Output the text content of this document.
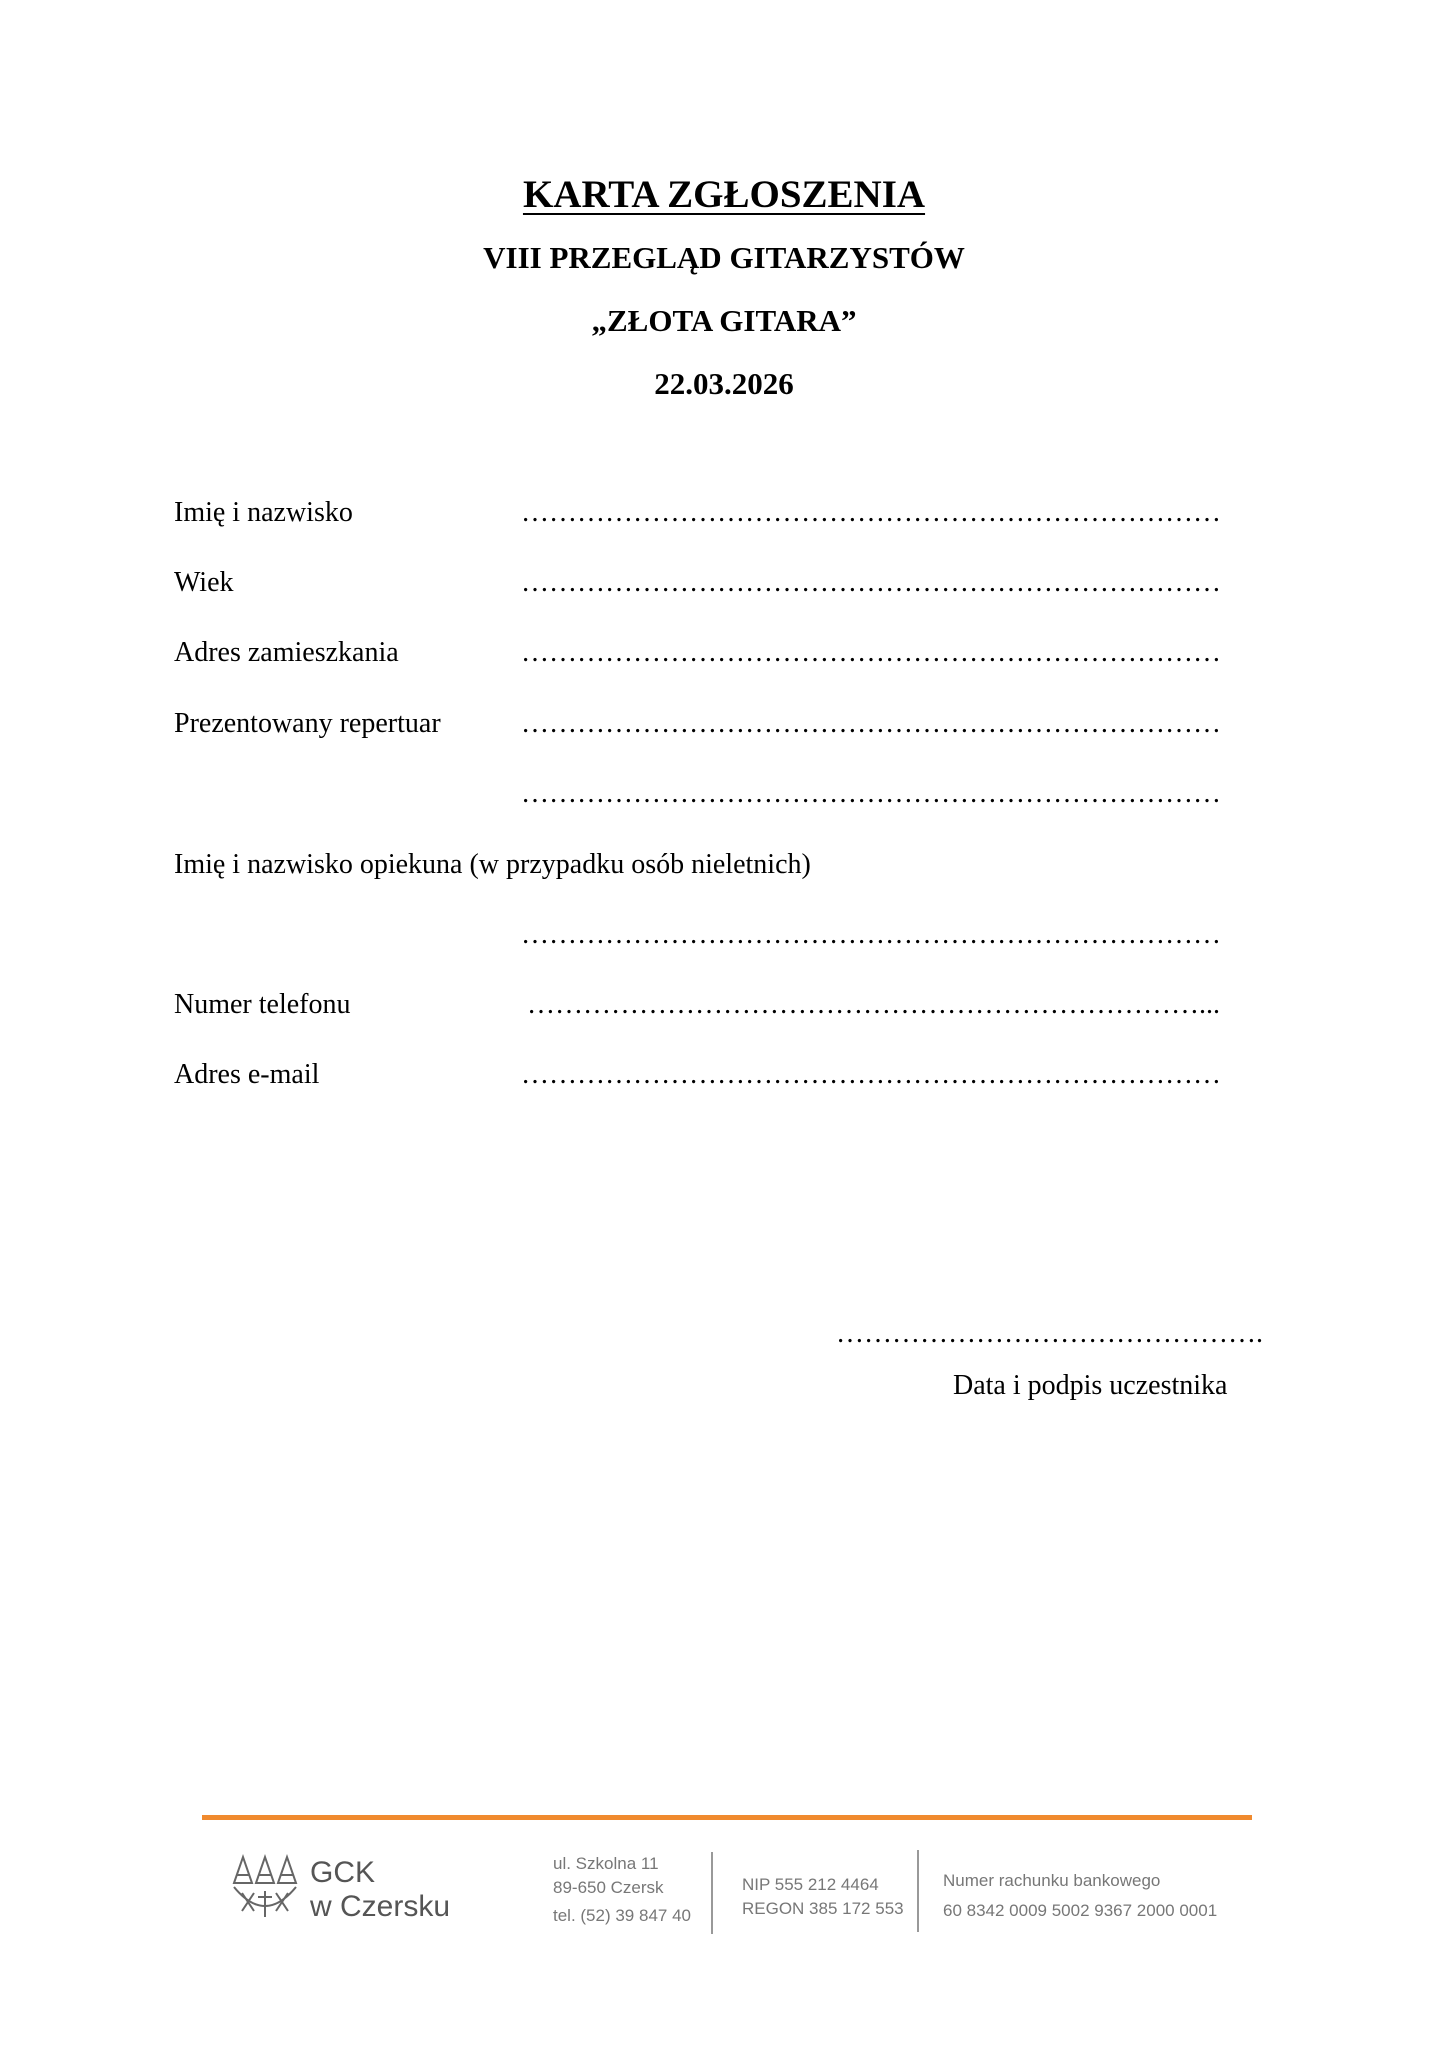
KARTA ZGŁOSZENIA
VIII PRZEGLĄD GITARZYSTÓW
„ZŁOTA GITARA”
22.03.2026
Imię i nazwisko	…………………………………………………………………
Wiek	…………………………………………………………………
Adres zamieszkania	…………………………………………………………………
Prezentowany repertuar	…………………………………………………………………
…………………………………………………………………
Imię i nazwisko opiekuna (w przypadku osób nieletnich)
…………………………………………………………………
Numer telefonu	………………………………………………………………...
Adres e-mail	…………………………………………………………………
……………………………………….
Data i podpis uczestnika
GCK
w Czersku
ul. Szkolna 11
89-650 Czersk
tel. (52) 39 847 40
NIP 555 212 4464
REGON 385 172 553
Numer rachunku bankowego
60 8342 0009 5002 9367 2000 0001
